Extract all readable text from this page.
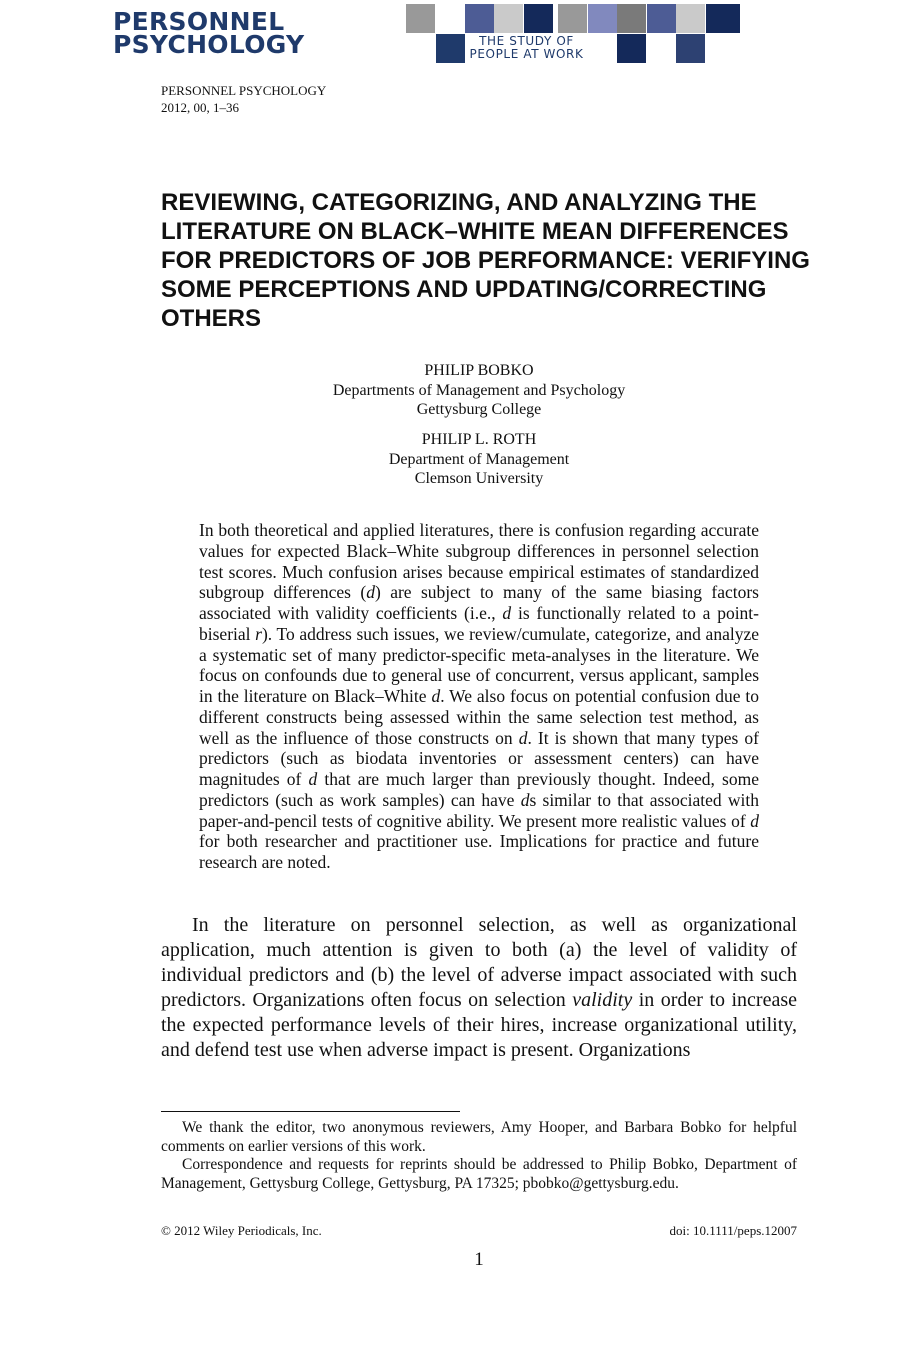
PERSONNEL
PSYCHOLOGY	THE STUDY OF
PEOPLE AT WORK
PERSONNEL PSYCHOLOGY
2012, 00, 1–36
REVIEWING, CATEGORIZING, AND ANALYZING THE LITERATURE ON BLACK–WHITE MEAN DIFFERENCES FOR PREDICTORS OF JOB PERFORMANCE: VERIFYING SOME PERCEPTIONS AND UPDATING/CORRECTING OTHERS
PHILIP BOBKO
Departments of Management and Psychology
Gettysburg College
PHILIP L. ROTH
Department of Management
Clemson University

In both theoretical and applied literatures, there is confusion regarding accurate values for expected Black–White subgroup differences in personnel selection test scores. Much confusion arises because empirical estimates of standardized subgroup differences (d) are subject to many of the same biasing factors associated with validity coefficients (i.e., d is functionally related to a point-biserial r). To address such issues, we review/cumulate, categorize, and analyze a systematic set of many predictor-specific meta-analyses in the literature. We focus on confounds due to general use of concurrent, versus applicant, samples in the literature on Black–White d. We also focus on potential confusion due to different constructs being assessed within the same selection test method, as well as the influence of those constructs on d. It is shown that many types of predictors (such as biodata inventories or assessment centers) can have magnitudes of d that are much larger than previously thought. Indeed, some predictors (such as work samples) can have ds similar to that associated with paper-and-pencil tests of cognitive ability. We present more realistic values of d for both researcher and practitioner use. Implications for practice and future research are noted.

In the literature on personnel selection, as well as organizational application, much attention is given to both (a) the level of validity of individual predictors and (b) the level of adverse impact associated with such predictors. Organizations often focus on selection validity in order to increase the expected performance levels of their hires, increase organizational utility, and defend test use when adverse impact is present. Organizations

We thank the editor, two anonymous reviewers, Amy Hooper, and Barbara Bobko for helpful comments on earlier versions of this work.

Correspondence and requests for reprints should be addressed to Philip Bobko, Department of Management, Gettysburg College, Gettysburg, PA 17325; pbobko@gettysburg.edu.

© 2012 Wiley Periodicals, Inc.	doi: 10.1111/peps.12007
1
